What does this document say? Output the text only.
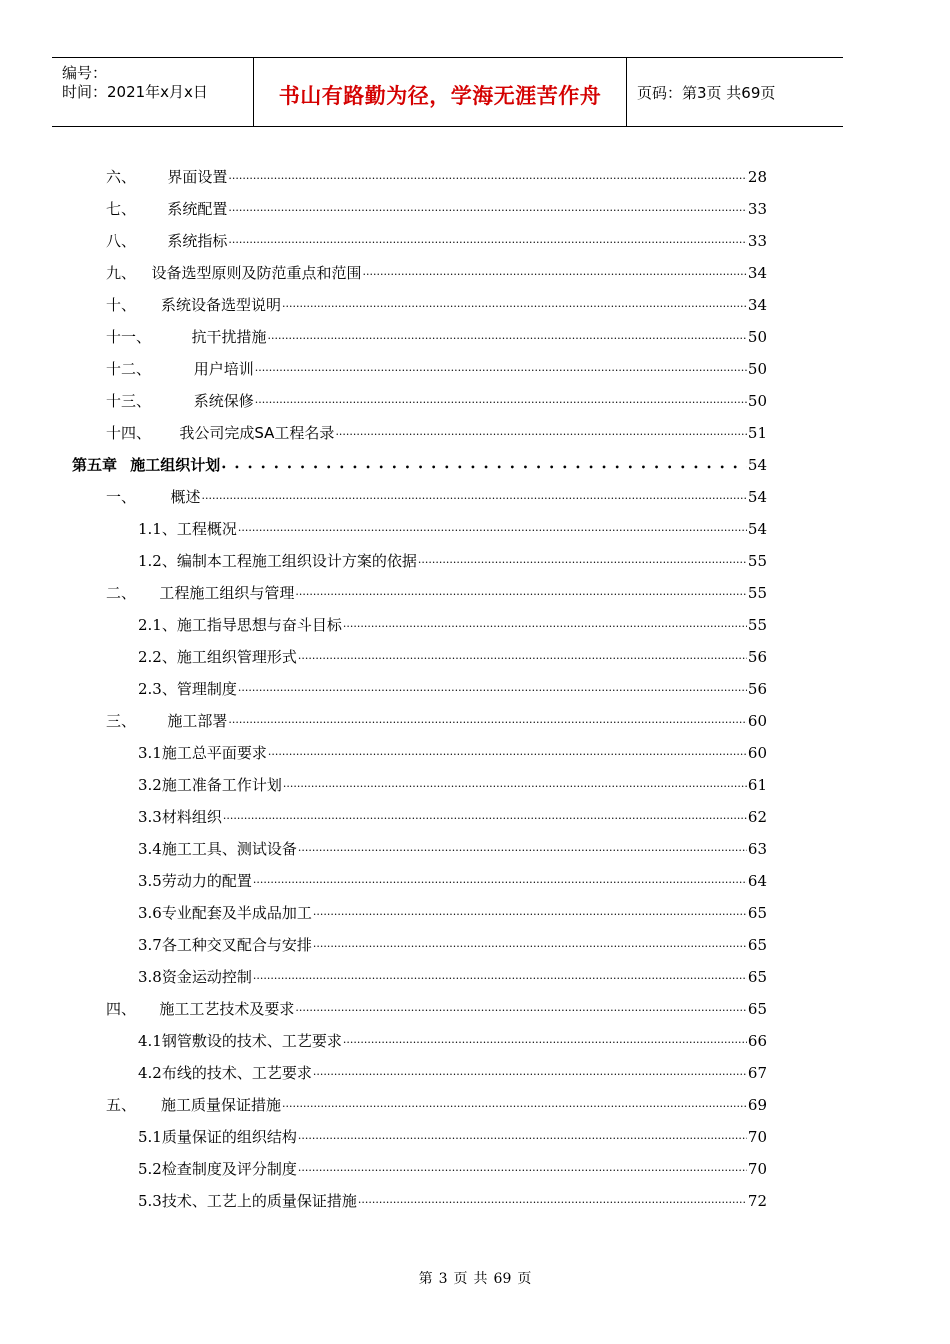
编号：
时间：2021年x月x日	书山有路勤为径，学海无涯苦作舟	页码：第3页 共69页
六、	界面设置 ·····	28
七、	系统配置 ·····	33
八、	系统指标 ·····	33
九、	设备选型原则及防范重点和范围 ·····	34
十、	系统设备选型说明 ·····	34
十一、	抗干扰措施 ·····	50
十二、	用户培训 ·····	50
十三、	系统保修 ·····	50
十四、	我公司完成SA工程名录 ·····	51
第五章 施工组织计划 •••••	54
一、	概述 ·····	54
1.1、工程概况 ·····	54
1.2、编制本工程施工组织设计方案的依据 ·····	55
二、	工程施工组织与管理 ·····	55
2.1、施工指导思想与奋斗目标 ·····	55
2.2、施工组织管理形式 ·····	56
2.3、管理制度 ·····	56
三、	施工部署 ·····	60
3.1施工总平面要求 ·····	60
3.2施工准备工作计划 ·····	61
3.3材料组织 ·····	62
3.4施工工具、测试设备 ·····	63
3.5劳动力的配置 ·····	64
3.6专业配套及半成品加工 ·····	65
3.7各工种交叉配合与安排 ·····	65
3.8资金运动控制 ·····	65
四、	施工工艺技术及要求 ·····	65
4.1钢管敷设的技术、工艺要求 ·····	66
4.2布线的技术、工艺要求 ·····	67
五、	施工质量保证措施 ·····	69
5.1质量保证的组织结构 ·····	70
5.2检查制度及评分制度 ·····	70
5.3技术、工艺上的质量保证措施 ·····	72
第 3 页 共 69 页
